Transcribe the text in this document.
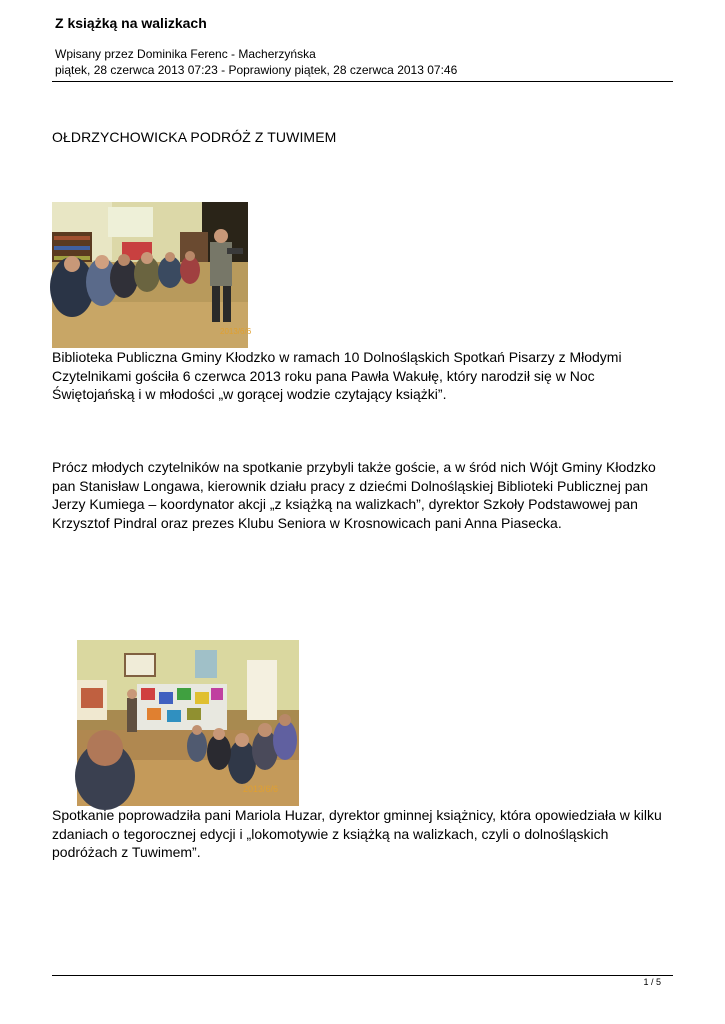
Z książką na walizkach
Wpisany przez Dominika Ferenc - Macherzyńska
piątek, 28 czerwca 2013 07:23 - Poprawiony piątek, 28 czerwca 2013 07:46
OŁDRZYCHOWICKA PODRÓŻ Z TUWIMEM
2013/6/6
Biblioteka Publiczna Gminy Kłodzko w ramach 10 Dolnośląskich Spotkań Pisarzy z Młodymi Czytelnikami gościła 6 czerwca 2013 roku pana Pawła Wakułę, który narodził się w Noc Świętojańską i w młodości „w gorącej wodzie czytający książki”.
Prócz młodych czytelników na spotkanie przybyli także goście, a w śród nich Wójt Gminy Kłodzko pan Stanisław Longawa, kierownik działu pracy z dziećmi Dolnośląskiej Biblioteki Publicznej pan Jerzy Kumiega – koordynator akcji „z książką na walizkach”, dyrektor Szkoły Podstawowej pan Krzysztof Pindral oraz prezes Klubu Seniora w Krosnowicach pani Anna Piasecka.
2013/6/6
Spotkanie poprowadziła pani Mariola Huzar, dyrektor gminnej książnicy, która opowiedziała w kilku zdaniach o tegorocznej edycji i „lokomotywie z książką na walizkach, czyli o dolnośląskich podróżach z Tuwimem”.
1 / 5
